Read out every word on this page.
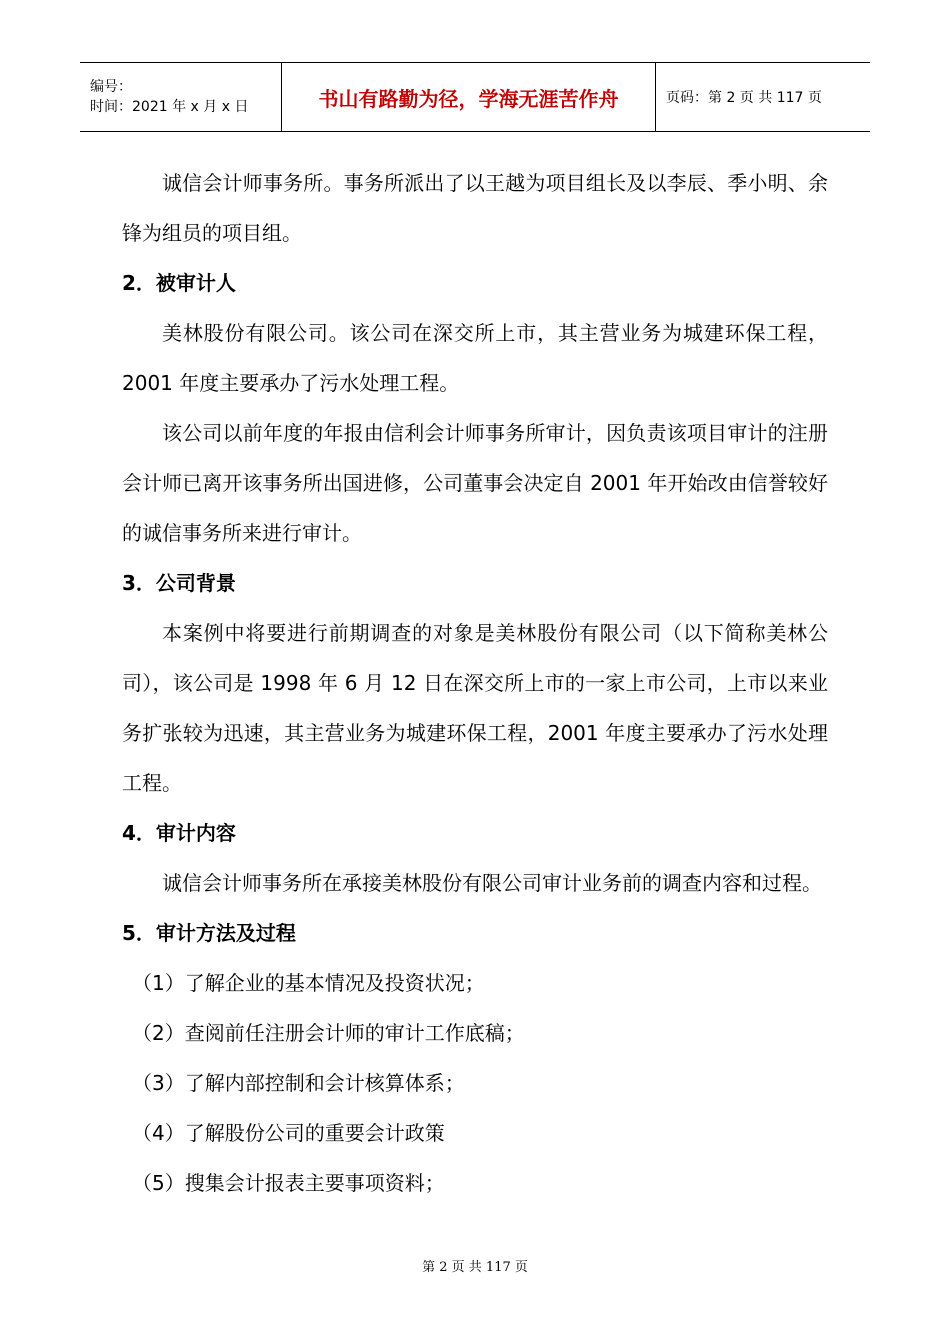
编号：
时间：2021 年 x 月 x 日	书山有路勤为径，学海无涯苦作舟	页码：第 2 页 共 117 页

诚信会计师事务所。事务所派出了以王越为项目组长及以李辰、季小明、余锋为组员的项目组。

2．被审计人

美林股份有限公司。该公司在深交所上市，其主营业务为城建环保工程，2001 年度主要承办了污水处理工程。

该公司以前年度的年报由信利会计师事务所审计，因负责该项目审计的注册会计师已离开该事务所出国进修，公司董事会决定自 2001 年开始改由信誉较好的诚信事务所来进行审计。

3．公司背景

本案例中将要进行前期调查的对象是美林股份有限公司（以下简称美林公司），该公司是 1998 年 6 月 12 日在深交所上市的一家上市公司，上市以来业务扩张较为迅速，其主营业务为城建环保工程，2001 年度主要承办了污水处理工程。

4．审计内容

诚信会计师事务所在承接美林股份有限公司审计业务前的调查内容和过程。

5．审计方法及过程

（1）了解企业的基本情况及投资状况；

（2）查阅前任注册会计师的审计工作底稿；

（3）了解内部控制和会计核算体系；

（4）了解股份公司的重要会计政策

（5）搜集会计报表主要事项资料；

第 2 页 共 117 页
